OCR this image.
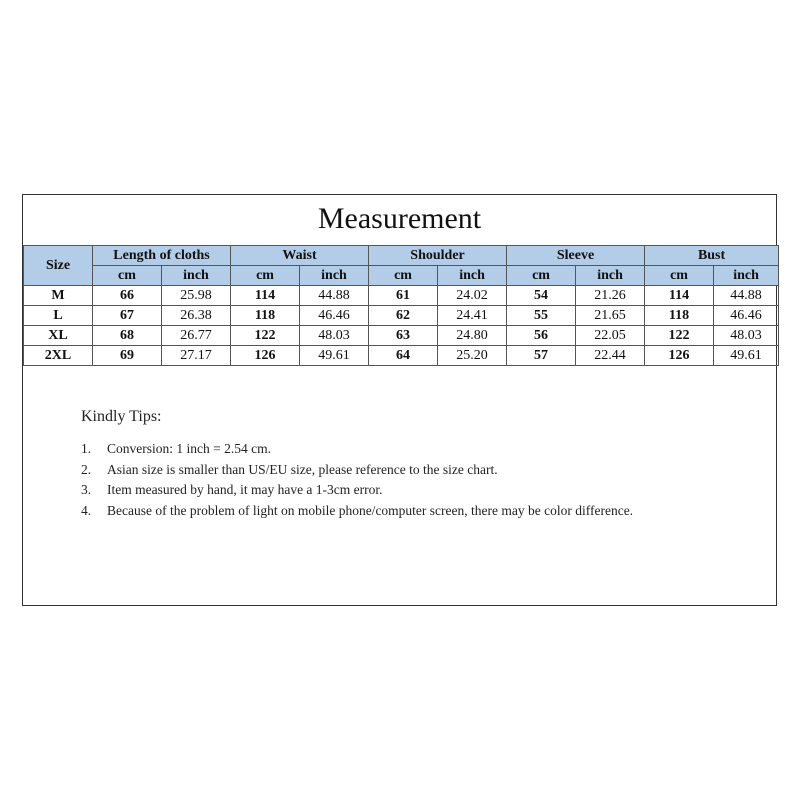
Measurement
Size	Length of cloths		Waist		Shoulder		Sleeve		Bust	
	cm	inch	cm	inch	cm	inch	cm	inch	cm	inch
M	66	25.98	114	44.88	61	24.02	54	21.26	114	44.88
L	67	26.38	118	46.46	62	24.41	55	21.65	118	46.46
XL	68	26.77	122	48.03	63	24.80	56	22.05	122	48.03
2XL	69	27.17	126	49.61	64	25.20	57	22.44	126	49.61
Kindly Tips:
1.	Conversion: 1 inch = 2.54 cm.
2.	Asian size is smaller than US/EU size, please reference to the size chart.
3.	Item measured by hand, it may have a 1-3cm error.
4.	Because of the problem of light on mobile phone/computer screen, there may be color difference.
